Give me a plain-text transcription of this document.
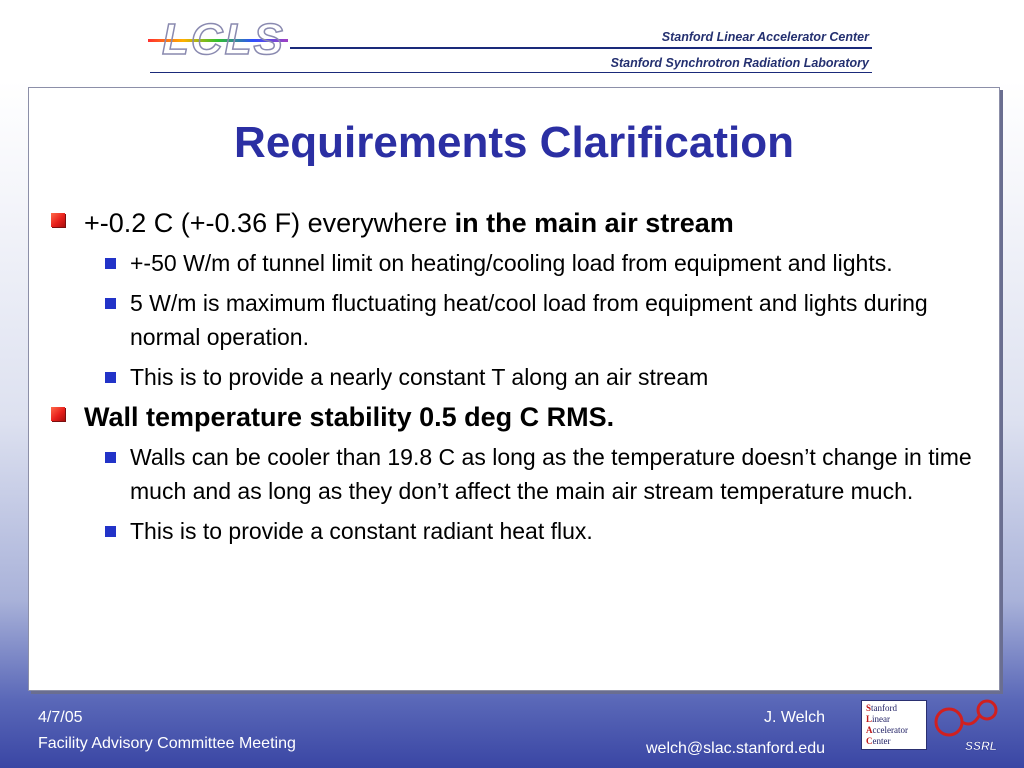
LCLS	Stanford Linear Accelerator Center
Stanford Synchrotron Radiation Laboratory
Requirements Clarification
+-0.2 C (+-0.36 F) everywhere in the main air stream
+-50 W/m of tunnel limit on heating/cooling load from equipment and lights.
5 W/m is maximum fluctuating heat/cool load from equipment and lights during normal operation.
This is to provide a nearly constant T along an air stream
Wall temperature stability 0.5 deg C RMS.
Walls can be cooler than 19.8 C as long as the temperature doesn’t change in time much and as long as they don’t affect the main air stream temperature much.
This is to provide a constant radiant heat flux.
4/7/05
Facility Advisory Committee Meeting
J. Welch
welch@slac.stanford.edu
Stanford
Linear
Accelerator
Center	SSRL
